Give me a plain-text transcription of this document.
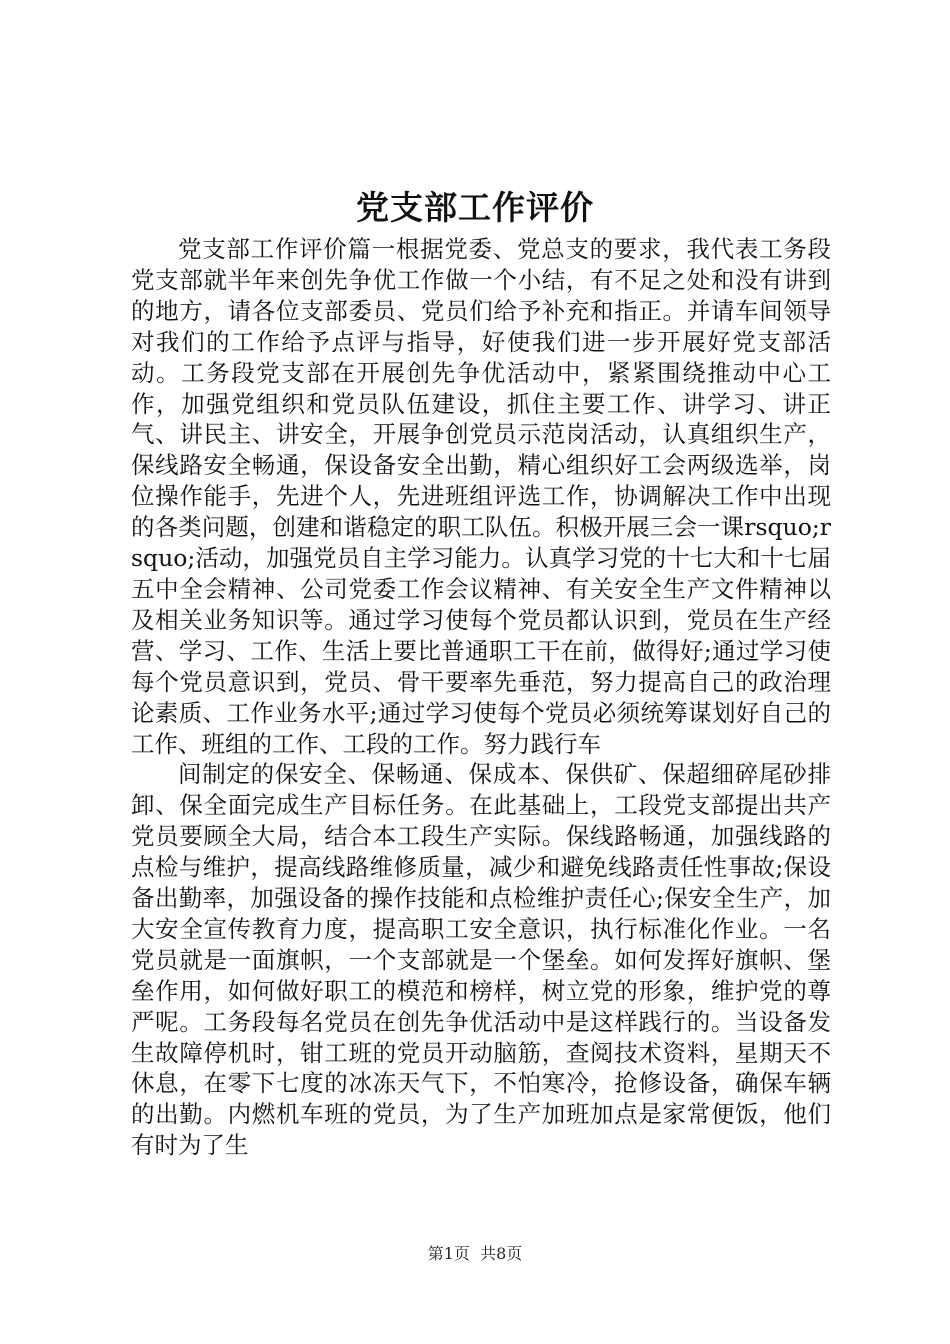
党支部工作评价

党支部工作评价篇一根据党委、党总支的要求，我代表工务段党支部就半年来创先争优工作做一个小结，有不足之处和没有讲到的地方，请各位支部委员、党员们给予补充和指正。并请车间领导对我们的工作给予点评与指导，好使我们进一步开展好党支部活动。工务段党支部在开展创先争优活动中，紧紧围绕推动中心工作，加强党组织和党员队伍建设，抓住主要工作、讲学习、讲正气、讲民主、讲安全，开展争创党员示范岗活动，认真组织生产，保线路安全畅通，保设备安全出勤，精心组织好工会两级选举，岗位操作能手，先进个人，先进班组评选工作，协调解决工作中出现的各类问题，创建和谐稳定的职工队伍。积极开展三会一课rsquo;rsquo;活动，加强党员自主学习能力。认真学习党的十七大和十七届五中全会精神、公司党委工作会议精神、有关安全生产文件精神以及相关业务知识等。通过学习使每个党员都认识到，党员在生产经营、学习、工作、生活上要比普通职工干在前，做得好;通过学习使每个党员意识到，党员、骨干要率先垂范，努力提高自己的政治理论素质、工作业务水平;通过学习使每个党员必须统筹谋划好自己的工作、班组的工作、工段的工作。努力践行车

间制定的保安全、保畅通、保成本、保供矿、保超细碎尾砂排卸、保全面完成生产目标任务。在此基础上，工段党支部提出共产党员要顾全大局，结合本工段生产实际。保线路畅通，加强线路的点检与维护，提高线路维修质量，减少和避免线路责任性事故;保设备出勤率，加强设备的操作技能和点检维护责任心;保安全生产，加大安全宣传教育力度，提高职工安全意识，执行标准化作业。一名党员就是一面旗帜，一个支部就是一个堡垒。如何发挥好旗帜、堡垒作用，如何做好职工的模范和榜样，树立党的形象，维护党的尊严呢。工务段每名党员在创先争优活动中是这样践行的。当设备发生故障停机时，钳工班的党员开动脑筋，查阅技术资料，星期天不休息，在零下七度的冰冻天气下，不怕寒冷，抢修设备，确保车辆的出勤。内燃机车班的党员，为了生产加班加点是家常便饭，他们有时为了生

第1页 共8页
